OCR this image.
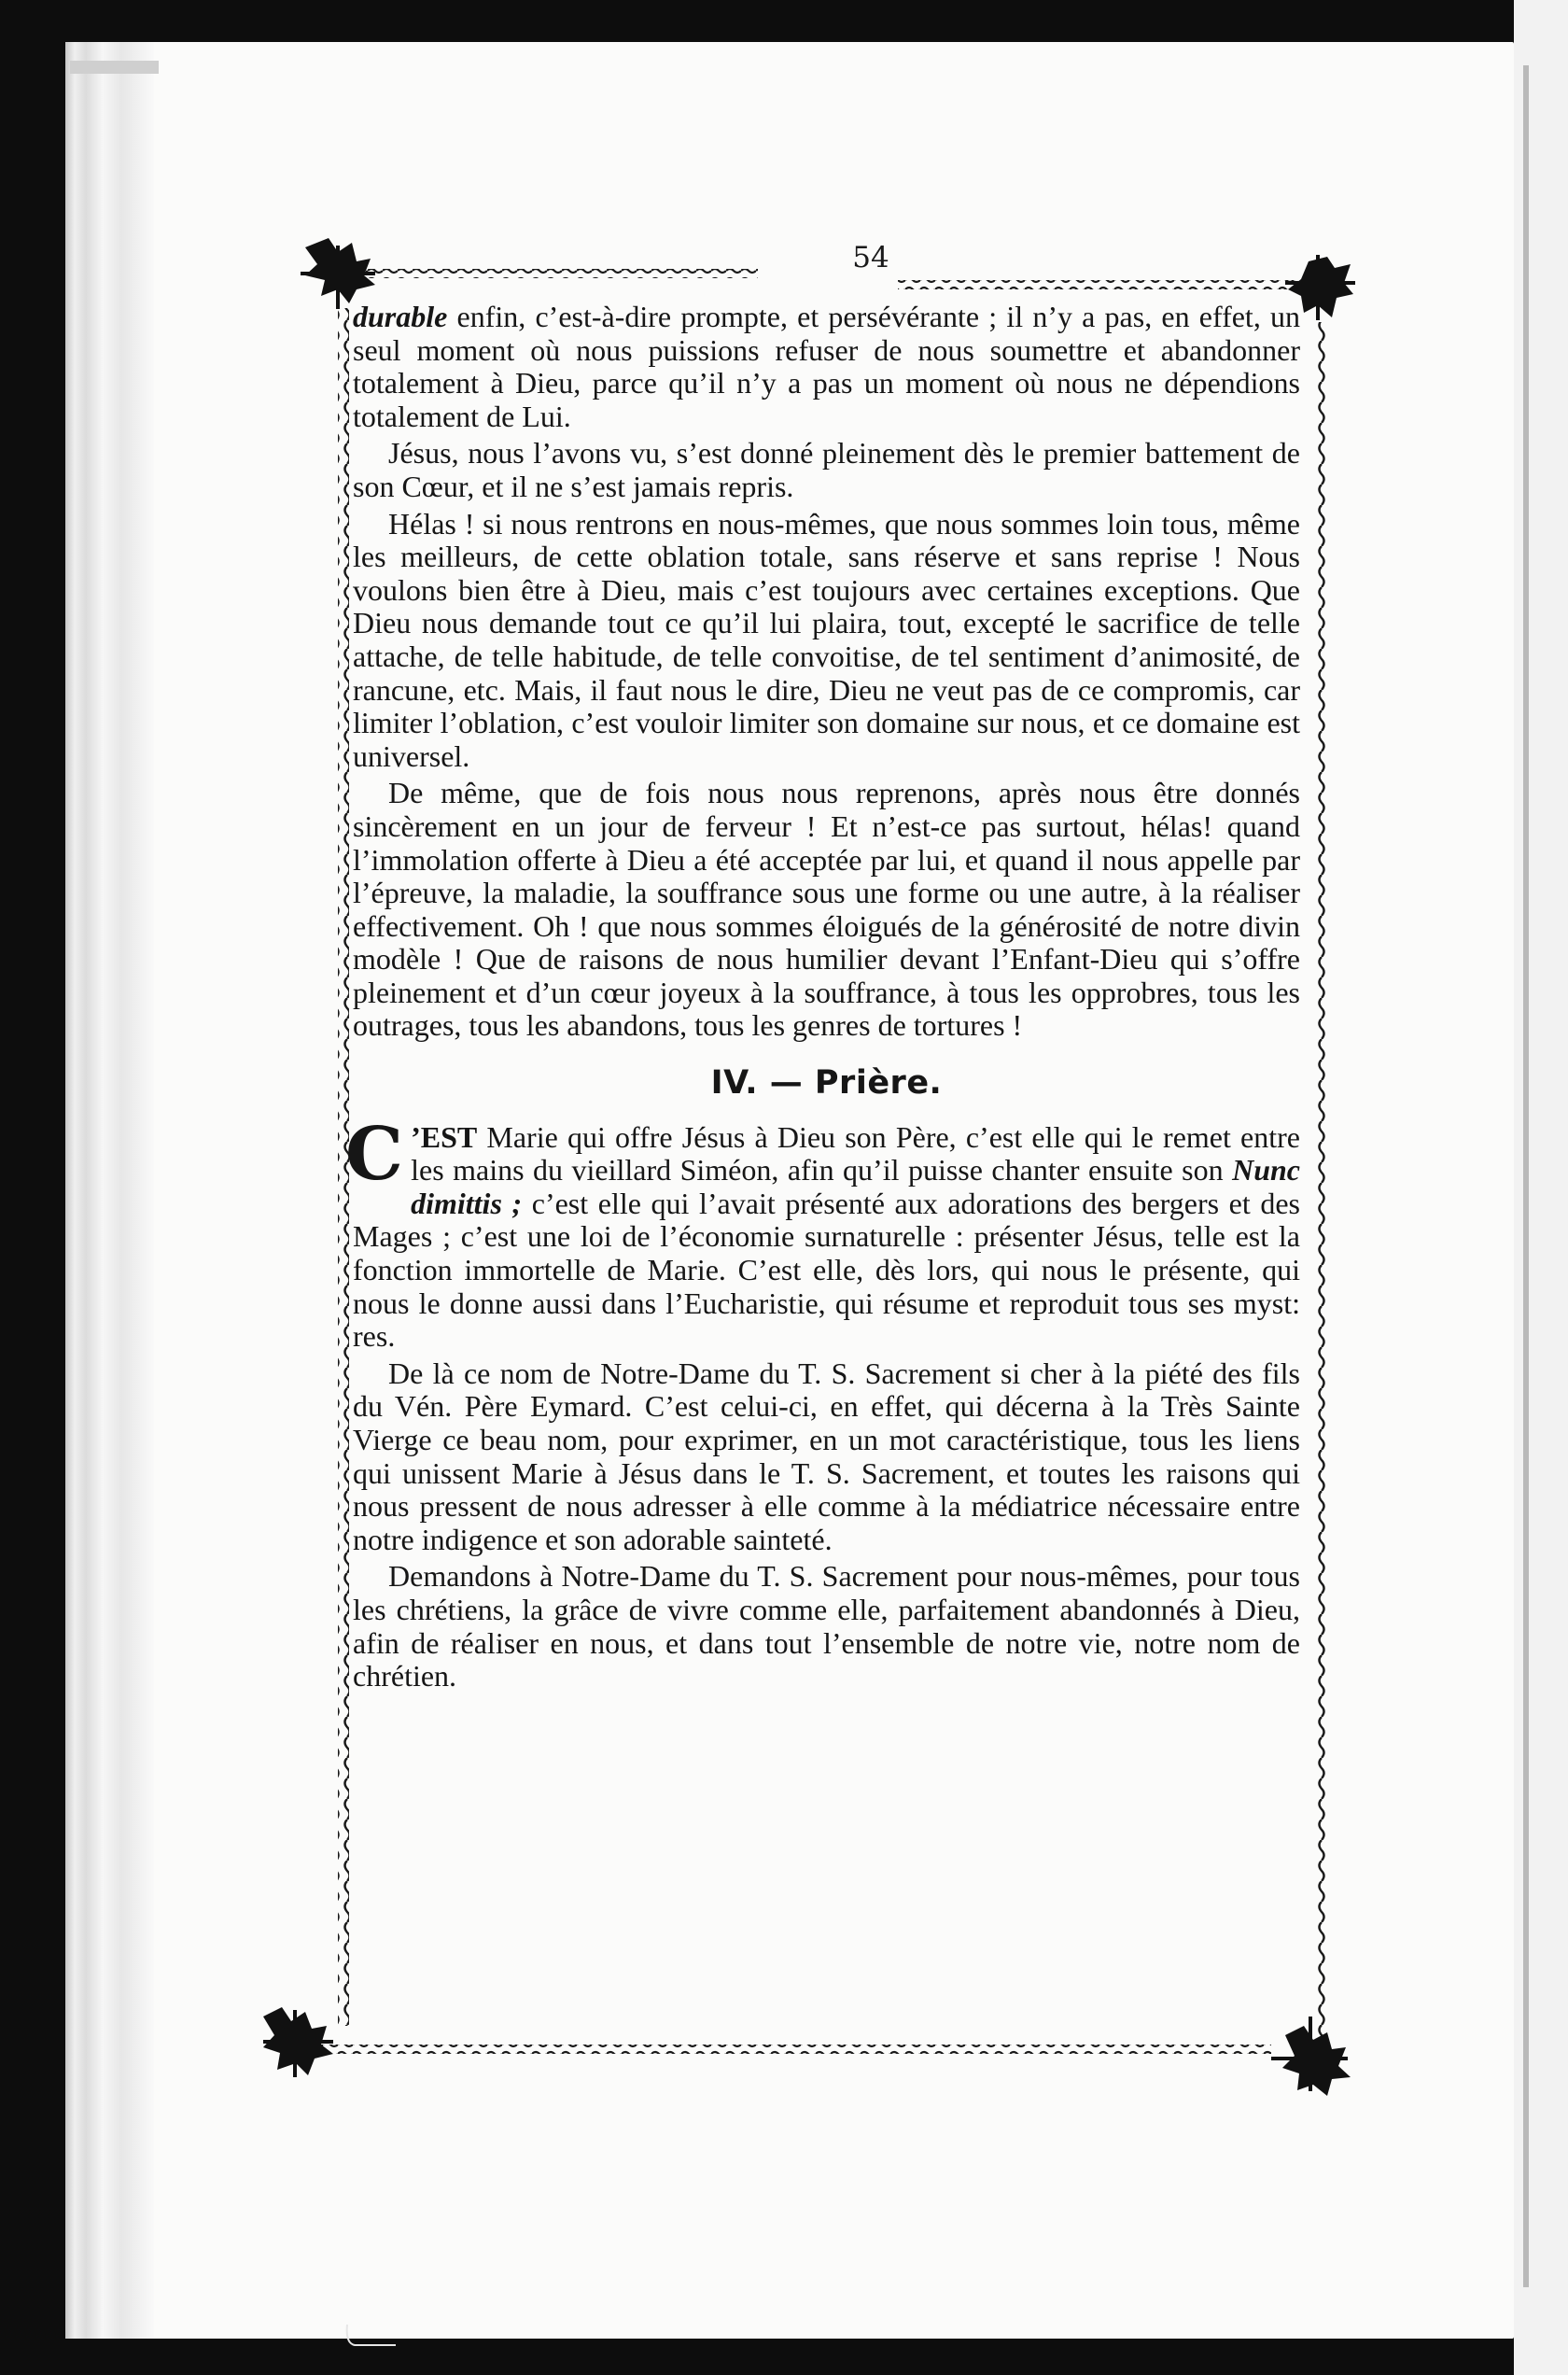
54

durable enfin, c’est-à-dire prompte, et persévérante ; il n’y a pas, en effet, un seul moment où nous puissions refuser de nous soumettre et abandonner totalement à Dieu, parce qu’il n’y a pas un moment où nous ne dépendions totalement de Lui.

Jésus, nous l’avons vu, s’est donné pleinement dès le premier battement de son Cœur, et il ne s’est jamais repris.

Hélas ! si nous rentrons en nous-mêmes, que nous sommes loin tous, même les meilleurs, de cette oblation totale, sans réserve et sans reprise ! Nous voulons bien être à Dieu, mais c’est toujours avec certaines exceptions. Que Dieu nous demande tout ce qu’il lui plaira, tout, excepté le sacrifice de telle attache, de telle habitude, de telle convoitise, de tel sentiment d’animosité, de rancune, etc. Mais, il faut nous le dire, Dieu ne veut pas de ce compromis, car limiter l’oblation, c’est vouloir limiter son domaine sur nous, et ce domaine est universel.

De même, que de fois nous nous reprenons, après nous être donnés sincèrement en un jour de ferveur ! Et n’est-ce pas surtout, hélas! quand l’immolation offerte à Dieu a été acceptée par lui, et quand il nous appelle par l’épreuve, la maladie, la souffrance sous une forme ou une autre, à la réaliser effectivement. Oh ! que nous sommes éloigués de la générosité de notre divin modèle ! Que de raisons de nous humilier devant l’Enfant-Dieu qui s’offre pleinement et d’un cœur joyeux à la souffrance, à tous les opprobres, tous les outrages, tous les abandons, tous les genres de tortures !

IV. — Prière.

C ’EST Marie qui offre Jésus à Dieu son Père, c’est elle qui le remet entre les mains du vieillard Siméon, afin qu’il puisse chanter ensuite son Nunc dimittis ; c’est elle qui l’avait présenté aux adorations des bergers et des Mages ; c’est une loi de l’économie surnaturelle : présenter Jésus, telle est la fonction immortelle de Marie. C’est elle, dès lors, qui nous le présente, qui nous le donne aussi dans l’Eucharistie, qui résume et reproduit tous ses myst: res.

De là ce nom de Notre-Dame du T. S. Sacrement si cher à la piété des fils du Vén. Père Eymard. C’est celui-ci, en effet, qui décerna à la Très Sainte Vierge ce beau nom, pour exprimer, en un mot caractéristique, tous les liens qui unissent Marie à Jésus dans le T. S. Sacrement, et toutes les raisons qui nous pressent de nous adresser à elle comme à la médiatrice nécessaire entre notre indigence et son adorable sainteté.

Demandons à Notre-Dame du T. S. Sacrement pour nous-mêmes, pour tous les chrétiens, la grâce de vivre comme elle, parfaitement abandonnés à Dieu, afin de réaliser en nous, et dans tout l’ensemble de notre vie, notre nom de chrétien.
